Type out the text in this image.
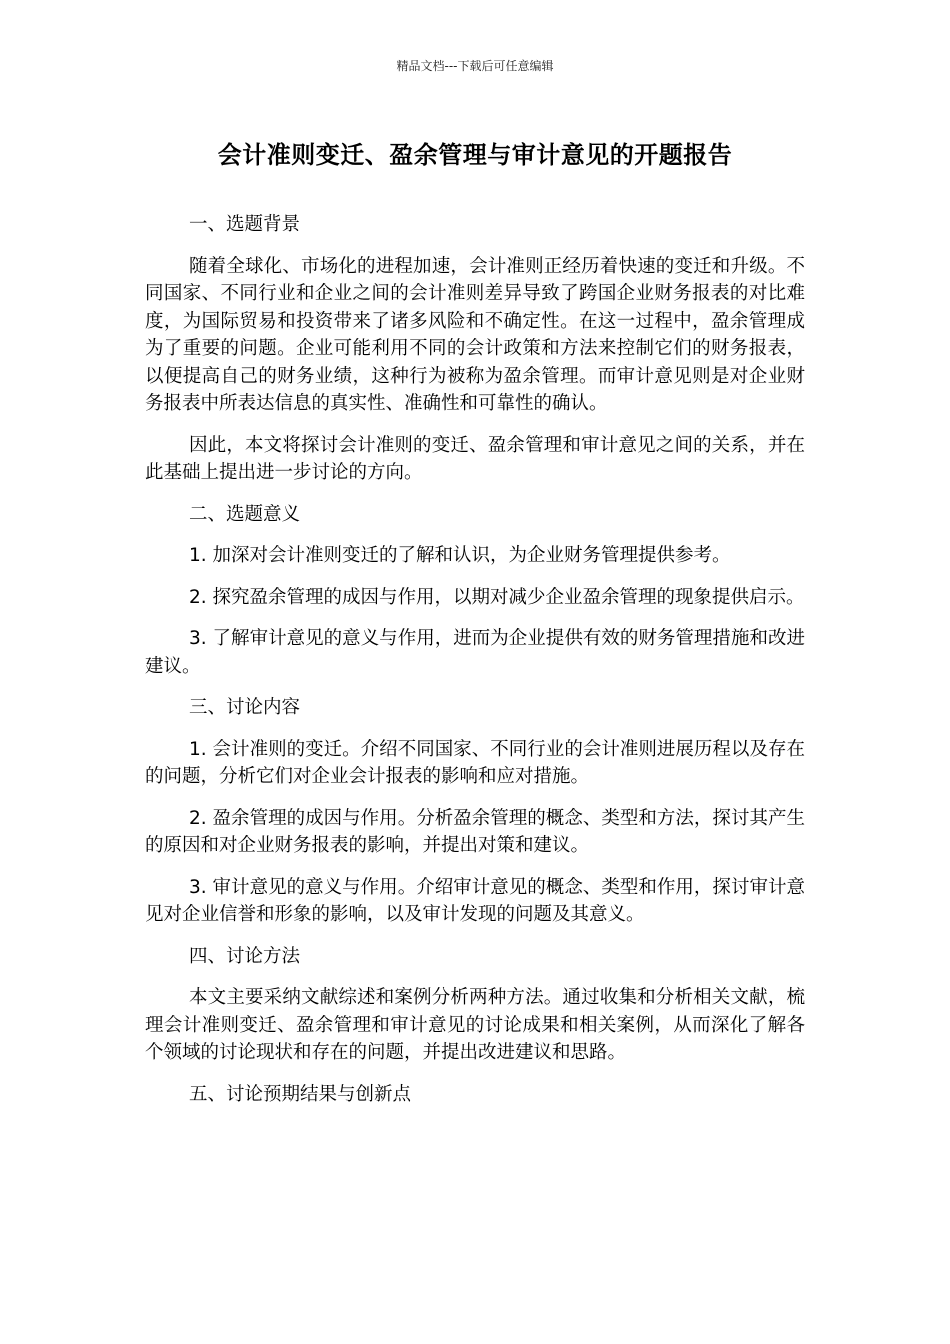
精品文档---下载后可任意编辑
会计准则变迁、盈余管理与审计意见的开题报告
一、选题背景

随着全球化、市场化的进程加速，会计准则正经历着快速的变迁和升级。不同国家、不同行业和企业之间的会计准则差异导致了跨国企业财务报表的对比难度，为国际贸易和投资带来了诸多风险和不确定性。在这一过程中，盈余管理成为了重要的问题。企业可能利用不同的会计政策和方法来控制它们的财务报表，以便提高自己的财务业绩，这种行为被称为盈余管理。而审计意见则是对企业财务报表中所表达信息的真实性、准确性和可靠性的确认。

因此，本文将探讨会计准则的变迁、盈余管理和审计意见之间的关系，并在此基础上提出进一步讨论的方向。

二、选题意义

1. 加深对会计准则变迁的了解和认识，为企业财务管理提供参考。

2. 探究盈余管理的成因与作用，以期对减少企业盈余管理的现象提供启示。

3. 了解审计意见的意义与作用，进而为企业提供有效的财务管理措施和改进建议。

三、讨论内容

1. 会计准则的变迁。介绍不同国家、不同行业的会计准则进展历程以及存在的问题，分析它们对企业会计报表的影响和应对措施。

2. 盈余管理的成因与作用。分析盈余管理的概念、类型和方法，探讨其产生的原因和对企业财务报表的影响，并提出对策和建议。

3. 审计意见的意义与作用。介绍审计意见的概念、类型和作用，探讨审计意见对企业信誉和形象的影响，以及审计发现的问题及其意义。

四、讨论方法

本文主要采纳文献综述和案例分析两种方法。通过收集和分析相关文献，梳理会计准则变迁、盈余管理和审计意见的讨论成果和相关案例，从而深化了解各个领域的讨论现状和存在的问题，并提出改进建议和思路。

五、讨论预期结果与创新点
